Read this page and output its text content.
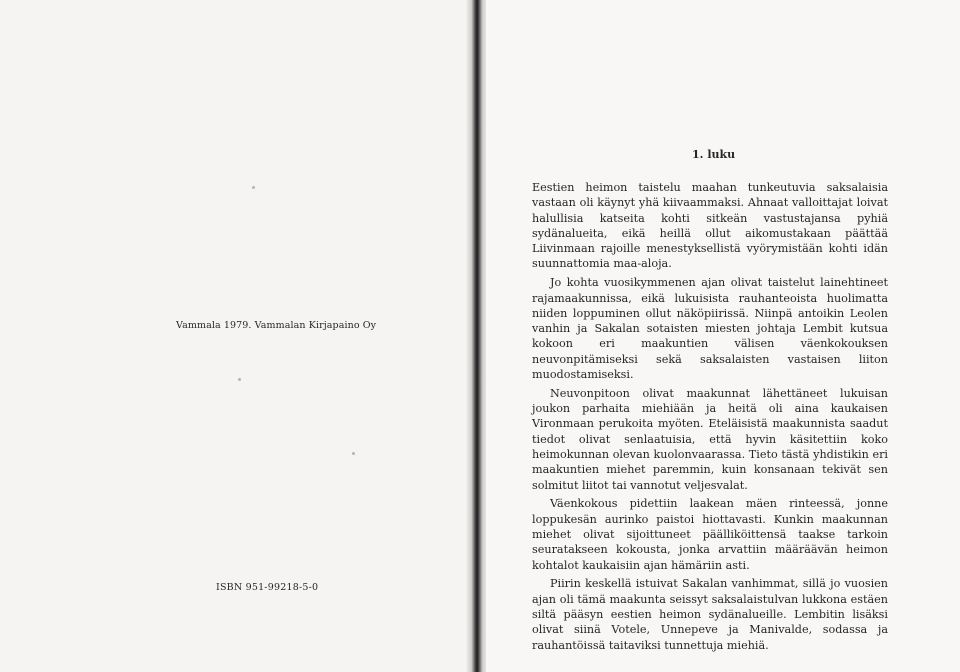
Vammala 1979. Vammalan Kirjapaino Oy
ISBN 951-99218-5-0
1. luku

Eestien heimon taistelu maahan tunkeutuvia saksalaisia vastaan oli käynyt yhä kiivaammaksi. Ahnaat valloittajat loivat halullisia katseita kohti sitkeän vastustajansa pyhiä sydänalueita, eikä heillä ollut aikomustakaan päättää Liivinmaan rajoille menestyksellistä vyörymistään kohti idän suunnattomia maa-aloja.

Jo kohta vuosikymmenen ajan olivat taistelut lainehtineet rajamaakunnissa, eikä lukuisista rauhanteoista huolimatta niiden loppuminen ollut näköpiirissä. Niinpä antoikin Leolen vanhin ja Sakalan sotaisten miesten johtaja Lembit kutsua kokoon eri maakuntien välisen väenkokouksen neuvonpitämiseksi sekä saksalaisten vastaisen liiton muodostamiseksi.

Neuvonpitoon olivat maakunnat lähettäneet lukuisan joukon parhaita miehiään ja heitä oli aina kaukaisen Vironmaan perukoita myöten. Eteläisistä maakunnista saadut tiedot olivat senlaatuisia, että hyvin käsitettiin koko heimokunnan olevan kuolonvaarassa. Tieto tästä yhdistikin eri maakuntien miehet paremmin, kuin konsanaan tekivät sen solmitut liitot tai vannotut veljesvalat.

Väenkokous pidettiin laakean mäen rinteessä, jonne loppukesän aurinko paistoi hiottavasti. Kunkin maakunnan miehet olivat sijoittuneet päälliköittensä taakse tarkoin seuratakseen kokousta, jonka arvattiin määräävän heimon kohtalot kaukaisiin ajan hämäriin asti.

Piirin keskellä istuivat Sakalan vanhimmat, sillä jo vuosien ajan oli tämä maakunta seissyt saksalaistulvan lukkona estäen siltä pääsyn eestien heimon sydänalueille. Lembitin lisäksi olivat siinä Votele, Unnepeve ja Manivalde, sodassa ja rauhantöissä taitaviksi tunnettuja miehiä.
